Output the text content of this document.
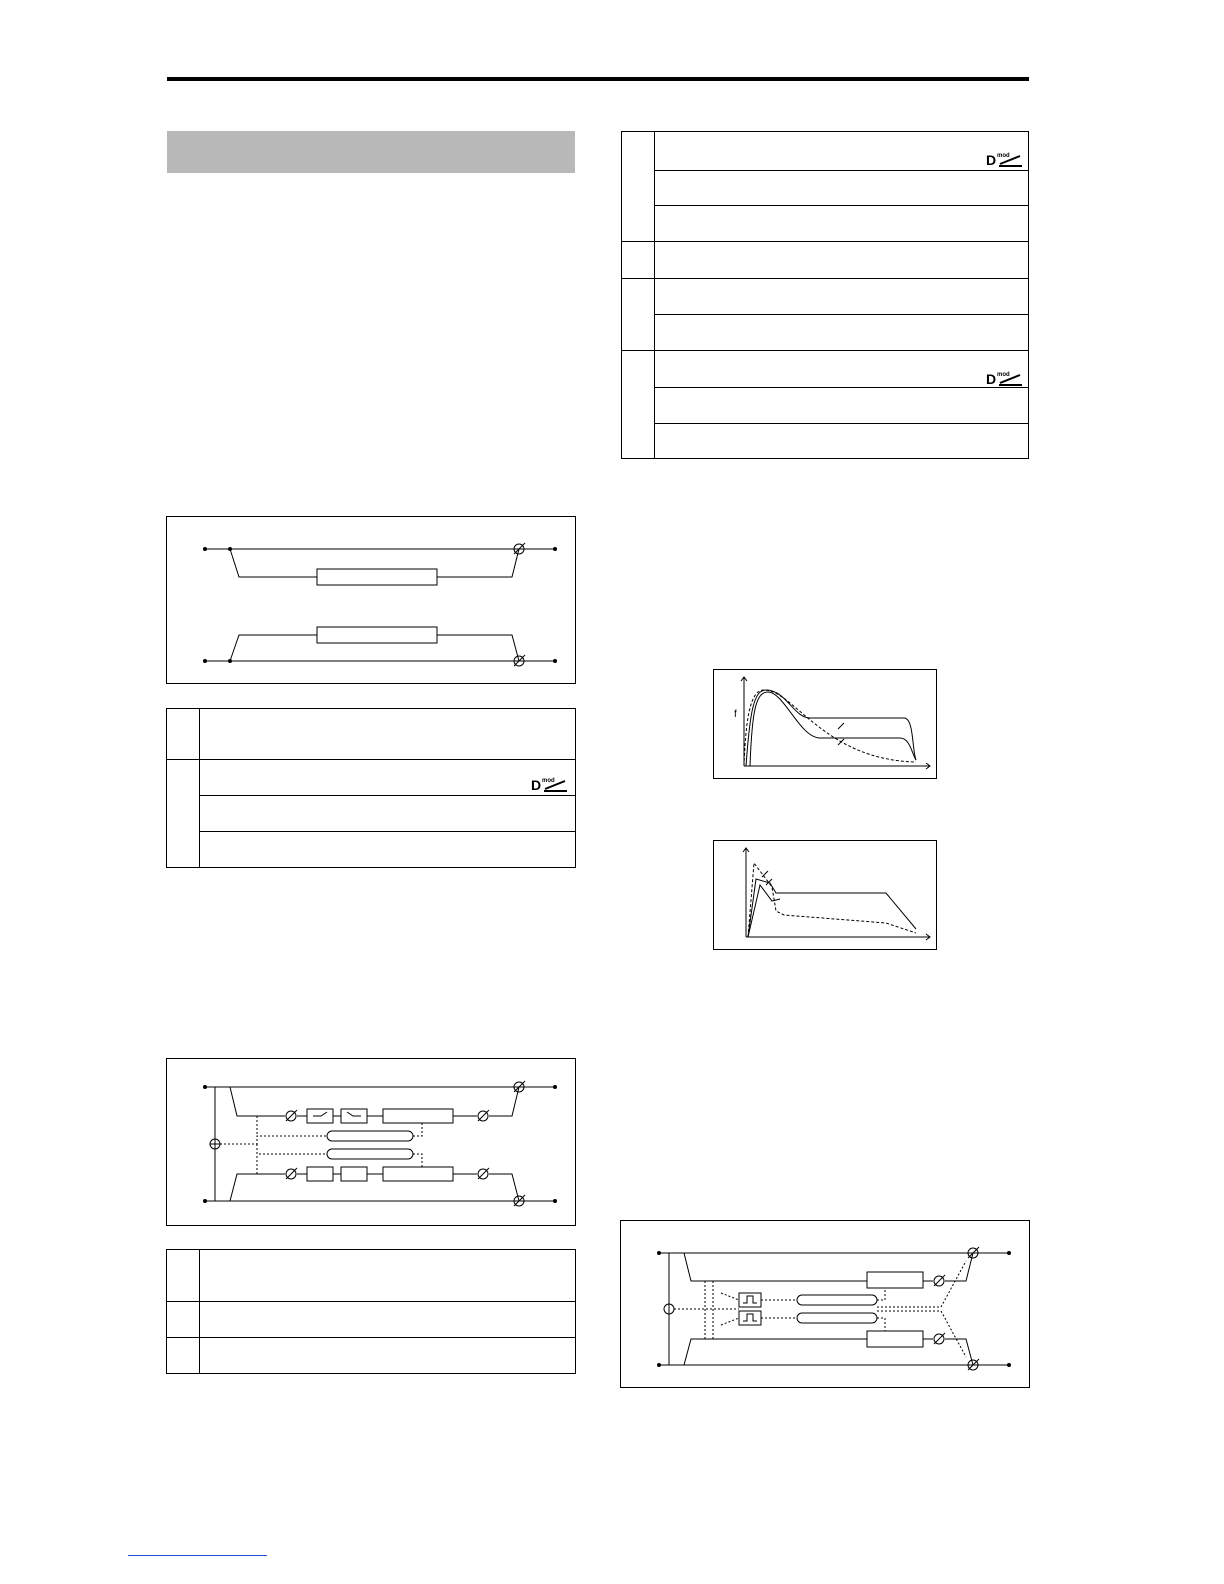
D mod
D mod
D mod
f
